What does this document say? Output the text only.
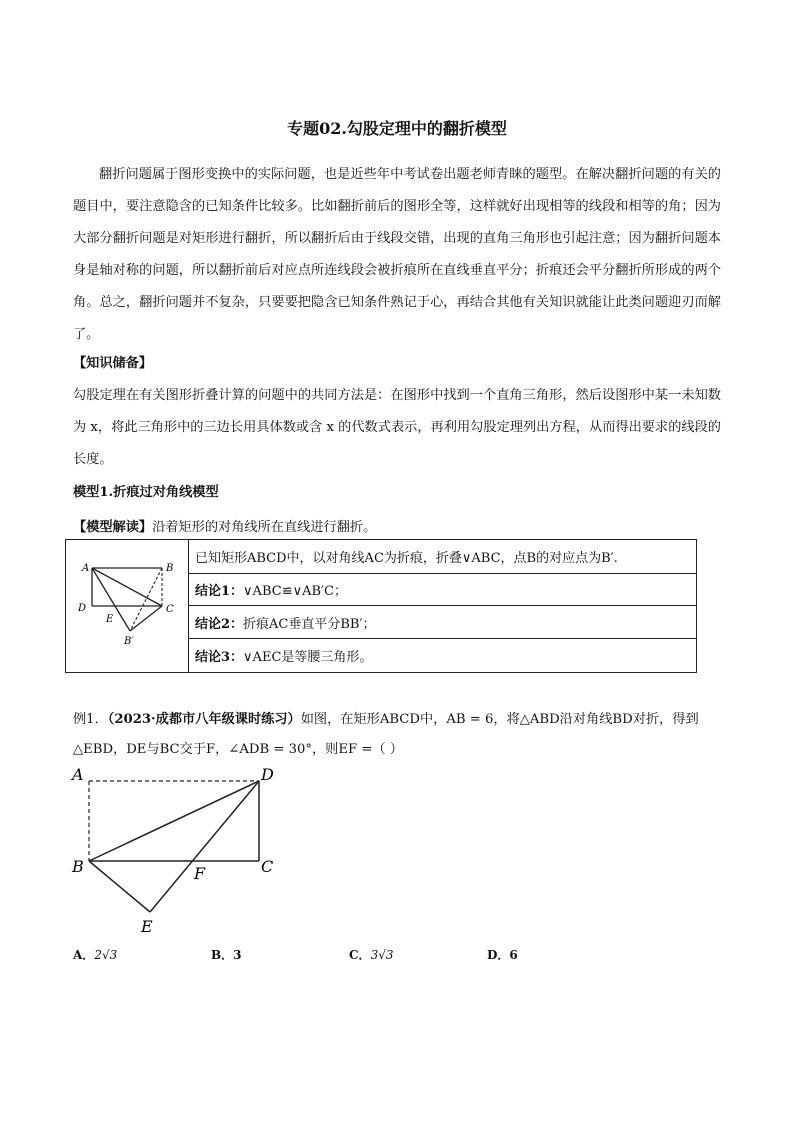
专题02.勾股定理中的翻折模型
翻折问题属于图形变换中的实际问题，也是近些年中考试卷出题老师青睐的题型。在解决翻折问题的有关的题目中，要注意隐含的已知条件比较多。比如翻折前后的图形全等，这样就好出现相等的线段和相等的角；因为大部分翻折问题是对矩形进行翻折，所以翻折后由于线段交错，出现的直角三角形也引起注意；因为翻折问题本身是轴对称的问题，所以翻折前后对应点所连线段会被折痕所在直线垂直平分；折痕还会平分翻折所形成的两个角。总之，翻折问题并不复杂，只要要把隐含已知条件熟记于心，再结合其他有关知识就能让此类问题迎刃而解了。
【知识储备】
勾股定理在有关图形折叠计算的问题中的共同方法是：在图形中找到一个直角三角形，然后设图形中某一未知数为 x，将此三角形中的三边长用具体数或含 x 的代数式表示，再利用勾股定理列出方程，从而得出要求的线段的长度。
模型1.折痕过对角线模型
【模型解读】沿着矩形的对角线所在直线进行翻折。
A	B
C
D
E
B′
	已知矩形ABCD中，以对角线AC为折痕，折叠∨ABC，点B的对应点为B′.
结论1：∨ABC≌∨AB′C；
结论2：折痕AC垂直平分BB′；
结论3：∨AEC是等腰三角形。
例1．（2023·成都市八年级课时练习）如图，在矩形ABCD中，AB = 6，将△ABD沿对角线BD对折，得到△EBD，DE与BC交于F，∠ADB = 30°，则EF =（ ）
A	D
B	C
F
E
A．2√3	B．3	C．3√3	D．6
